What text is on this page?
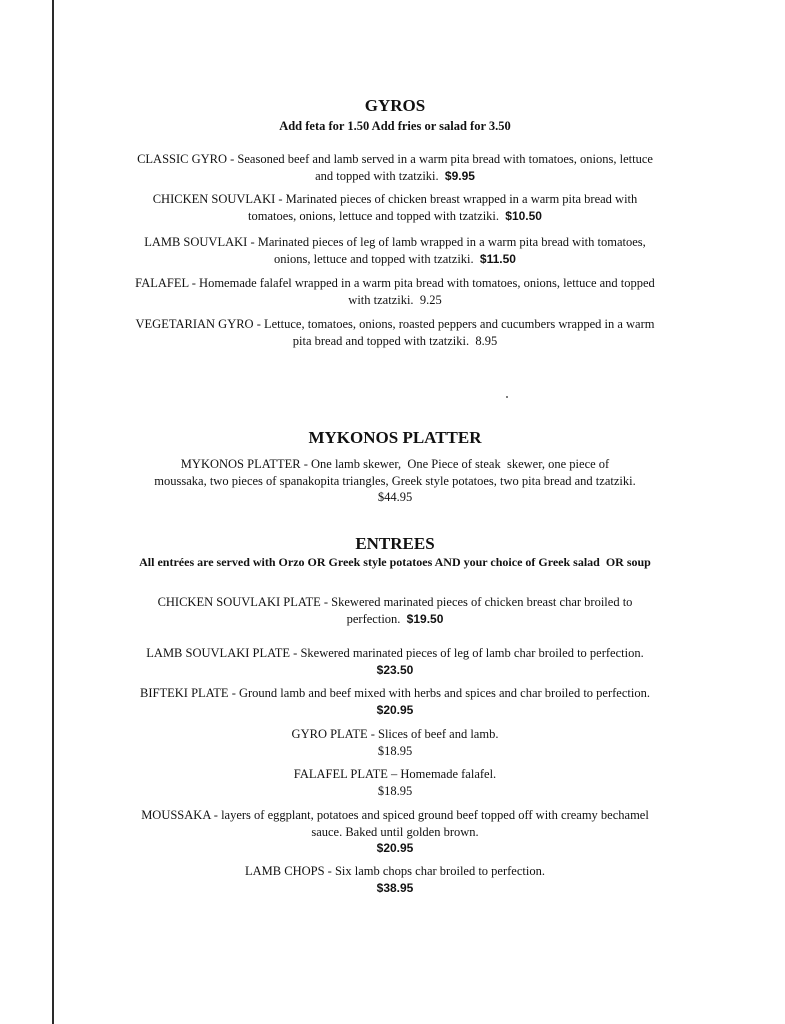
GYROS
Add feta for 1.50 Add fries or salad for 3.50
CLASSIC GYRO - Seasoned beef and lamb served in a warm pita bread with tomatoes, onions, lettuce
and topped with tzatziki. $9.95
CHICKEN SOUVLAKI - Marinated pieces of chicken breast wrapped in a warm pita bread with
tomatoes, onions, lettuce and topped with tzatziki. $10.50
LAMB SOUVLAKI - Marinated pieces of leg of lamb wrapped in a warm pita bread with tomatoes,
onions, lettuce and topped with tzatziki. $11.50
FALAFEL - Homemade falafel wrapped in a warm pita bread with tomatoes, onions, lettuce and topped
with tzatziki. 9.25
VEGETARIAN GYRO - Lettuce, tomatoes, onions, roasted peppers and cucumbers wrapped in a warm
pita bread and topped with tzatziki. 8.95
MYKONOS PLATTER
MYKONOS PLATTER - One lamb skewer,  One Piece of steak  skewer, one piece of
moussaka, two pieces of spanakopita triangles, Greek style potatoes, two pita bread and tzatziki.
$44.95
ENTREES
All entrées are served with Orzo OR Greek style potatoes AND your choice of Greek salad  OR soup
CHICKEN SOUVLAKI PLATE - Skewered marinated pieces of chicken breast char broiled to
perfection. $19.50
LAMB SOUVLAKI PLATE - Skewered marinated pieces of leg of lamb char broiled to perfection.
$23.50
BIFTEKI PLATE - Ground lamb and beef mixed with herbs and spices and char broiled to perfection.
$20.95
GYRO PLATE - Slices of beef and lamb.
$18.95
FALAFEL PLATE – Homemade falafel.
$18.95
MOUSSAKA - layers of eggplant, potatoes and spiced ground beef topped off with creamy bechamel
sauce. Baked until golden brown.
$20.95
LAMB CHOPS - Six lamb chops char broiled to perfection.
$38.95
